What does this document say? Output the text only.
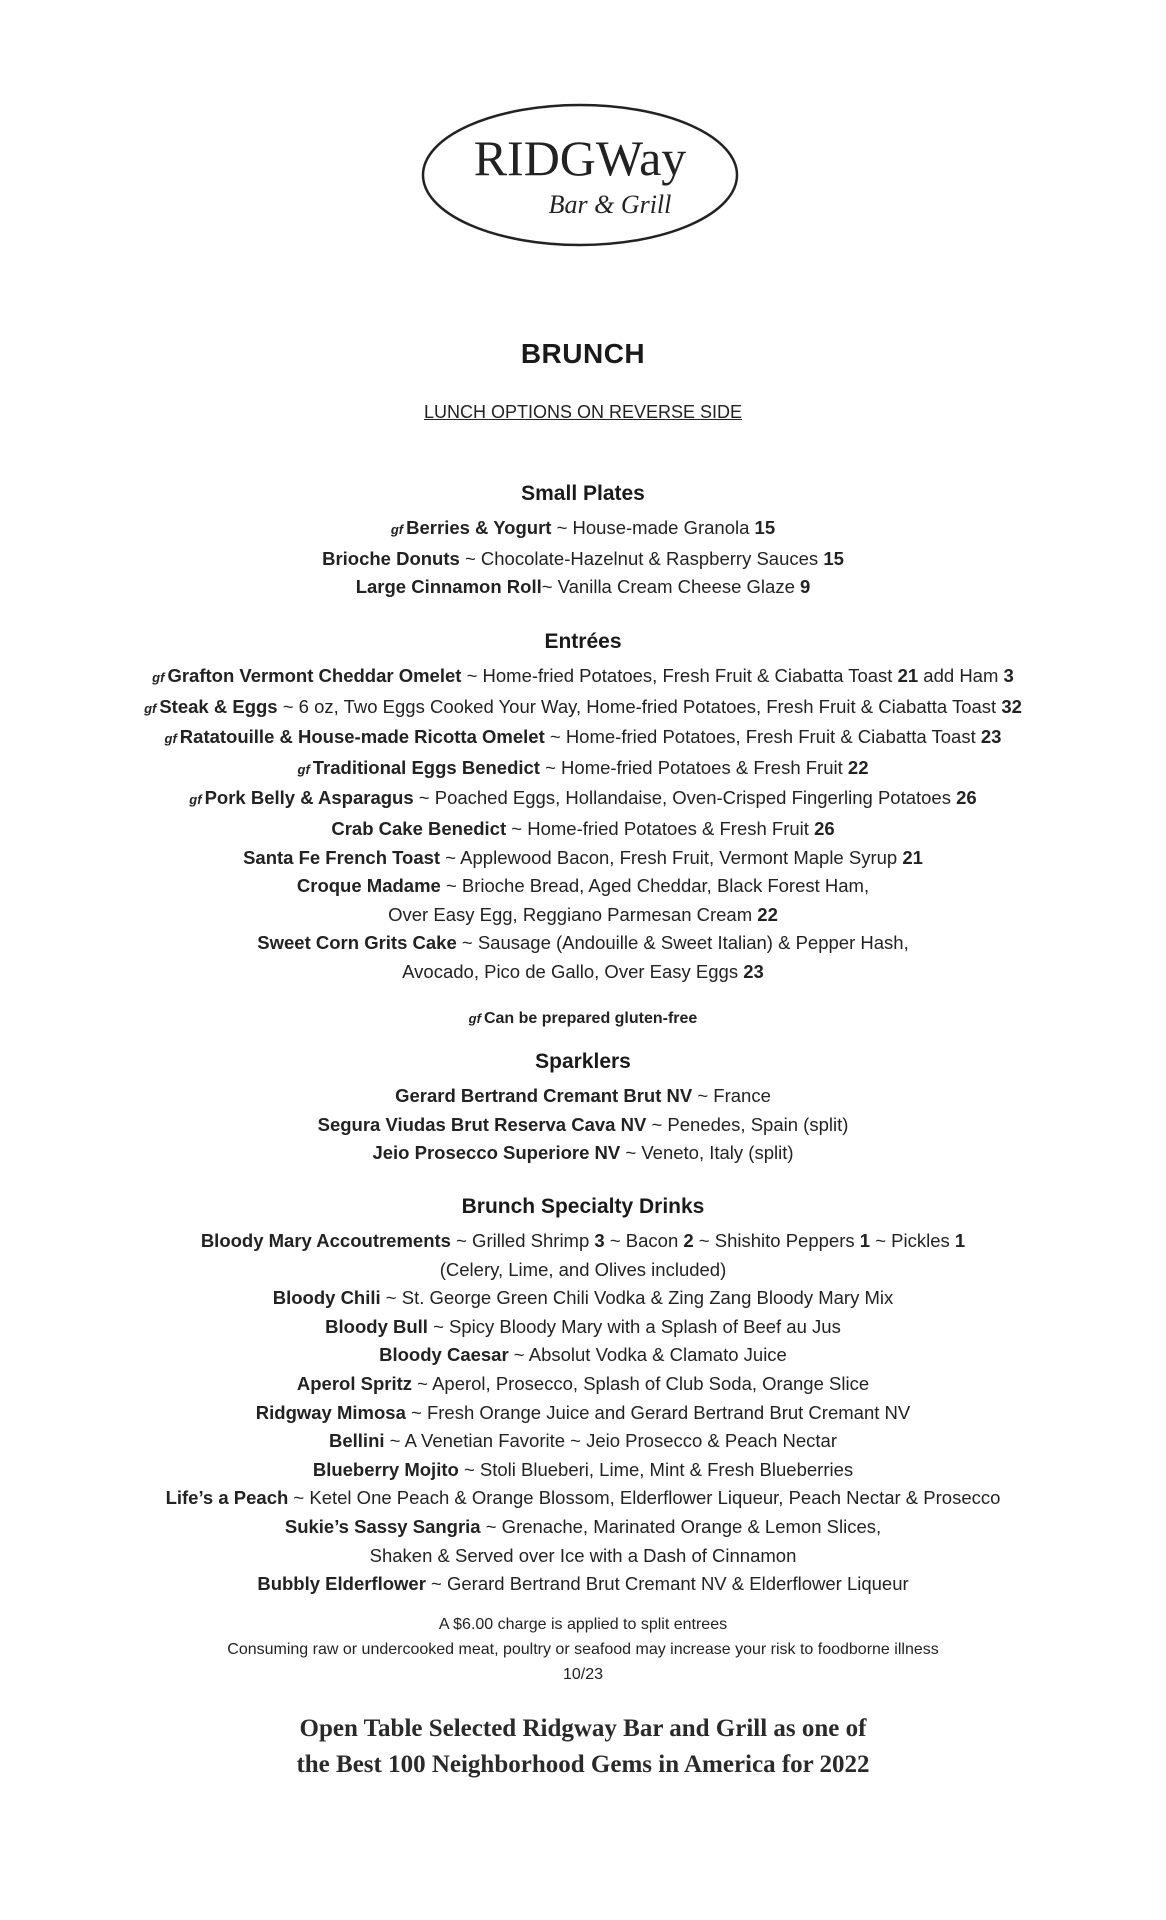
RIDGWay
Bar & Grill
BRUNCH
LUNCH OPTIONS ON REVERSE SIDE
Small Plates
gf Berries & Yogurt ~ House-made Granola 15
Brioche Donuts ~ Chocolate-Hazelnut & Raspberry Sauces 15
Large Cinnamon Roll~ Vanilla Cream Cheese Glaze 9
Entrées
gf Grafton Vermont Cheddar Omelet ~ Home-fried Potatoes, Fresh Fruit & Ciabatta Toast 21 add Ham 3
gf Steak & Eggs ~ 6 oz, Two Eggs Cooked Your Way, Home-fried Potatoes, Fresh Fruit & Ciabatta Toast 32
gf Ratatouille & House-made Ricotta Omelet ~ Home-fried Potatoes, Fresh Fruit & Ciabatta Toast 23
gf Traditional Eggs Benedict ~ Home-fried Potatoes & Fresh Fruit 22
gf Pork Belly & Asparagus ~ Poached Eggs, Hollandaise, Oven-Crisped Fingerling Potatoes 26
Crab Cake Benedict ~ Home-fried Potatoes & Fresh Fruit 26
Santa Fe French Toast ~ Applewood Bacon, Fresh Fruit, Vermont Maple Syrup 21
Croque Madame ~ Brioche Bread, Aged Cheddar, Black Forest Ham,
Over Easy Egg, Reggiano Parmesan Cream 22
Sweet Corn Grits Cake ~ Sausage (Andouille & Sweet Italian) & Pepper Hash,
Avocado, Pico de Gallo, Over Easy Eggs 23
gf Can be prepared gluten-free
Sparklers
Gerard Bertrand Cremant Brut NV ~ France
Segura Viudas Brut Reserva Cava NV ~ Penedes, Spain (split)
Jeio Prosecco Superiore NV ~ Veneto, Italy (split)
Brunch Specialty Drinks
Bloody Mary Accoutrements ~ Grilled Shrimp 3 ~ Bacon 2 ~ Shishito Peppers 1 ~ Pickles 1
(Celery, Lime, and Olives included)
Bloody Chili ~ St. George Green Chili Vodka & Zing Zang Bloody Mary Mix
Bloody Bull ~ Spicy Bloody Mary with a Splash of Beef au Jus
Bloody Caesar ~ Absolut Vodka & Clamato Juice
Aperol Spritz ~ Aperol, Prosecco, Splash of Club Soda, Orange Slice
Ridgway Mimosa ~ Fresh Orange Juice and Gerard Bertrand Brut Cremant NV
Bellini ~ A Venetian Favorite ~ Jeio Prosecco & Peach Nectar
Blueberry Mojito ~ Stoli Blueberi, Lime, Mint & Fresh Blueberries
Life’s a Peach ~ Ketel One Peach & Orange Blossom, Elderflower Liqueur, Peach Nectar & Prosecco
Sukie’s Sassy Sangria ~ Grenache, Marinated Orange & Lemon Slices,
Shaken & Served over Ice with a Dash of Cinnamon
Bubbly Elderflower ~ Gerard Bertrand Brut Cremant NV & Elderflower Liqueur
A $6.00 charge is applied to split entrees
Consuming raw or undercooked meat, poultry or seafood may increase your risk to foodborne illness
10/23
Open Table Selected Ridgway Bar and Grill as one of
the Best 100 Neighborhood Gems in America for 2022
